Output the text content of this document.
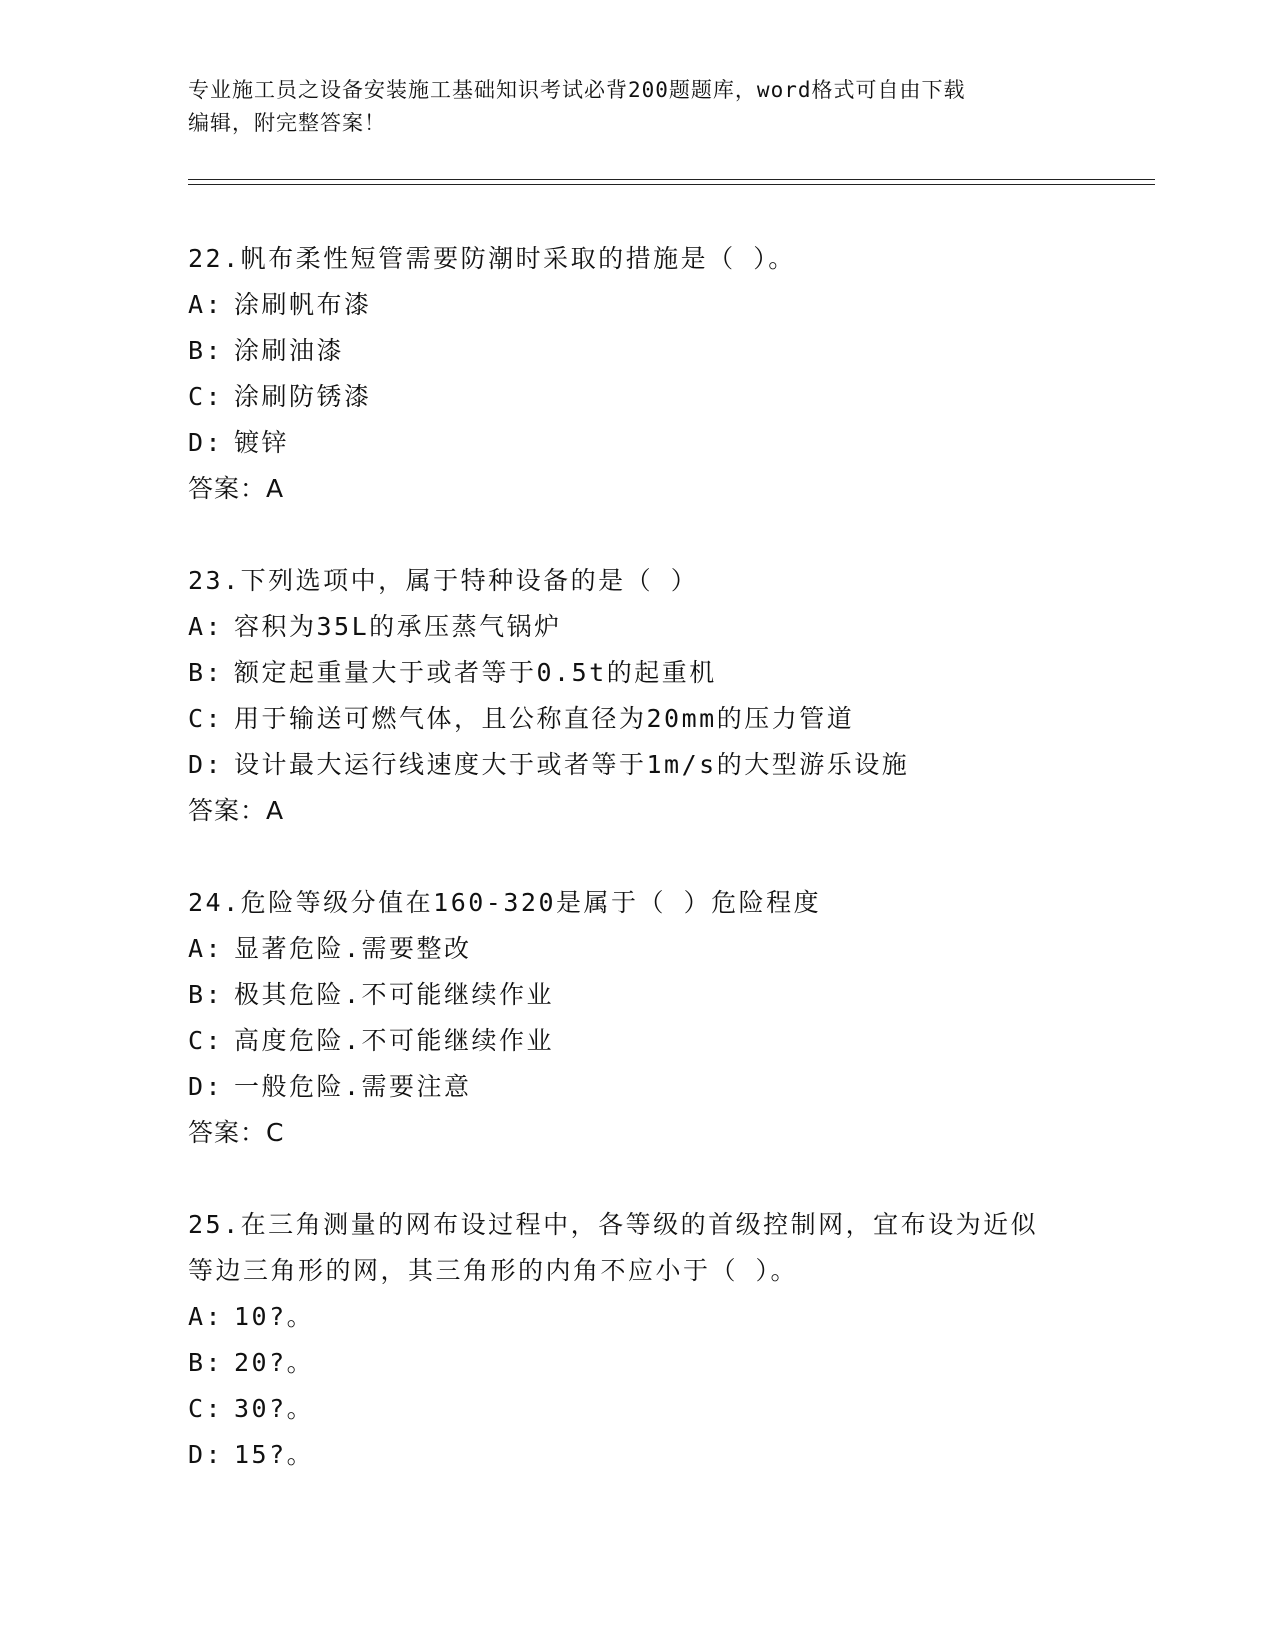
专业施工员之设备安装施工基础知识考试必背200题题库，word格式可自由下载
编辑，附完整答案！

22.帆布柔性短管需要防潮时采取的措施是（ ）。

A: 涂刷帆布漆

B: 涂刷油漆

C: 涂刷防锈漆

D: 镀锌

答案：A

23.下列选项中，属于特种设备的是（ ）

A: 容积为35L的承压蒸气锅炉

B: 额定起重量大于或者等于0.5t的起重机

C: 用于输送可燃气体，且公称直径为20mm的压力管道

D: 设计最大运行线速度大于或者等于1m/s的大型游乐设施

答案：A

24.危险等级分值在160-320是属于（ ）危险程度

A: 显著危险.需要整改

B: 极其危险.不可能继续作业

C: 高度危险.不可能继续作业

D: 一般危险.需要注意

答案：C

25.在三角测量的网布设过程中，各等级的首级控制网，宜布设为近似

等边三角形的网，其三角形的内角不应小于（ ）。

A: 10?。

B: 20?。

C: 30?。

D: 15?。
